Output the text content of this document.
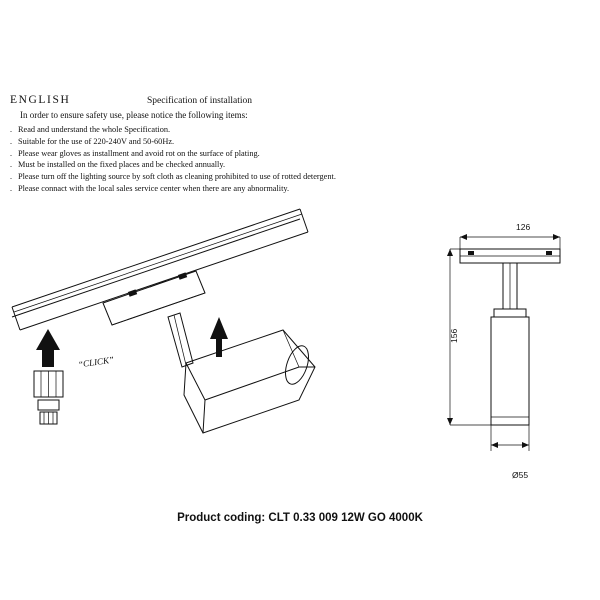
ENGLISH	Specification of installation
In order to ensure safety use, please notice the following items:
. Read and understand the whole Specification.
. Suitable for the use of 220-240V and 50-60Hz.
. Please wear gloves as installment and avoid rot on the surface of plating.
. Must be installed on the fixed places and be checked annually.
. Please turn off the lighting source by soft cloth as cleaning prohibited to use of rotted detergent.
. Please connact with the local sales service center when there are any abnormality.
“CLICK”
126
156
Ø55
Product coding: CLT 0.33 009 12W GO 4000K
